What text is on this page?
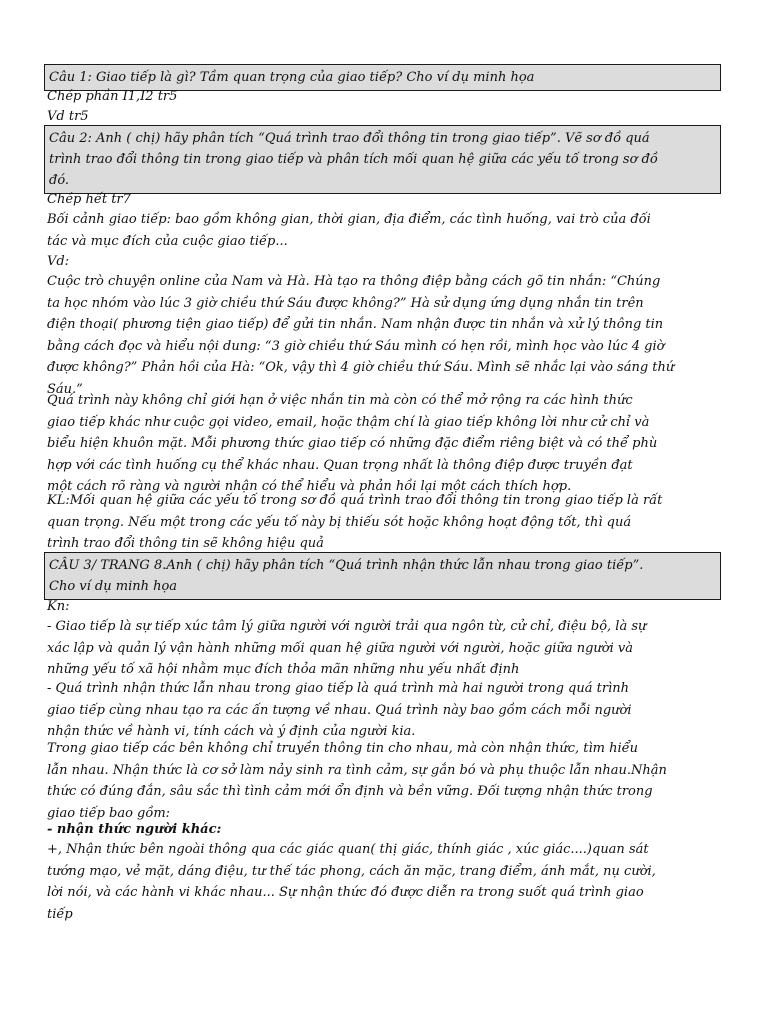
Câu 1: Giao tiếp là gì? Tầm quan trọng của giao tiếp? Cho ví dụ minh họa
Chép phần I1,I2 tr5
Vd tr5
Câu 2: Anh ( chị) hãy phân tích “Quá trình trao đổi thông tin trong giao tiếp”. Vẽ sơ đồ quá
trình trao đổi thông tin trong giao tiếp và phân tích mối quan hệ giữa các yếu tố trong sơ đồ
đó.
Chép hết tr7
Bối cảnh giao tiếp: bao gồm không gian, thời gian, địa điểm, các tình huống, vai trò của đối
tác và mục đích của cuộc giao tiếp...
Vd:
Cuộc trò chuyện online của Nam và Hà. Hà tạo ra thông điệp bằng cách gõ tin nhắn: “Chúng
ta học nhóm vào lúc 3 giờ chiều thứ Sáu được không?” Hà sử dụng ứng dụng nhắn tin trên
điện thoại( phương tiện giao tiếp) để gửi tin nhắn. Nam nhận được tin nhắn và xử lý thông tin
bằng cách đọc và hiểu nội dung: “3 giờ chiều thứ Sáu mình có hẹn rồi, mình học vào lúc 4 giờ
được không?” Phản hồi của Hà: “Ok, vậy thì 4 giờ chiều thứ Sáu. Mình sẽ nhắc lại vào sáng thứ
Sáu.”
Quá trình này không chỉ giới hạn ở việc nhắn tin mà còn có thể mở rộng ra các hình thức
giao tiếp khác như cuộc gọi video, email, hoặc thậm chí là giao tiếp không lời như cử chỉ và
biểu hiện khuôn mặt. Mỗi phương thức giao tiếp có những đặc điểm riêng biệt và có thể phù
hợp với các tình huống cụ thể khác nhau. Quan trọng nhất là thông điệp được truyền đạt
một cách rõ ràng và người nhận có thể hiểu và phản hồi lại một cách thích hợp.
KL:Mối quan hệ giữa các yếu tố trong sơ đồ quá trình trao đổi thông tin trong giao tiếp là rất
quan trọng. Nếu một trong các yếu tố này bị thiếu sót hoặc không hoạt động tốt, thì quá
trình trao đổi thông tin sẽ không hiệu quả
CÂU 3/ TRANG 8.Anh ( chị) hãy phân tích “Quá trình nhận thức lẫn nhau trong giao tiếp”.
Cho ví dụ minh họa
Kn:
- Giao tiếp là sự tiếp xúc tâm lý giữa người với người trải qua ngôn từ, cử chỉ, điệu bộ, là sự
xác lập và quản lý vận hành những mối quan hệ giữa người với người, hoặc giữa người và
những yếu tố xã hội nhằm mục đích thỏa mãn những nhu yếu nhất định
- Quá trình nhận thức lẫn nhau trong giao tiếp là quá trình mà hai người trong quá trình
giao tiếp cùng nhau tạo ra các ấn tượng về nhau. Quá trình này bao gồm cách mỗi người
nhận thức về hành vi, tính cách và ý định của người kia.
Trong giao tiếp các bên không chỉ truyền thông tin cho nhau, mà còn nhận thức, tìm hiểu
lẫn nhau. Nhận thức là cơ sở làm nảy sinh ra tình cảm, sự gắn bó và phụ thuộc lẫn nhau.Nhận
thức có đúng đắn, sâu sắc thì tình cảm mới ổn định và bền vững. Đối tượng nhận thức trong
giao tiếp bao gồm:
- nhận thức người khác:
+, Nhận thức bên ngoài thông qua các giác quan( thị giác, thính giác , xúc giác....)quan sát
tướng mạo, vẻ mặt, dáng điệu, tư thế tác phong, cách ăn mặc, trang điểm, ánh mắt, nụ cười,
lời nói, và các hành vi khác nhau... Sự nhận thức đó được diễn ra trong suốt quá trình giao
tiếp
